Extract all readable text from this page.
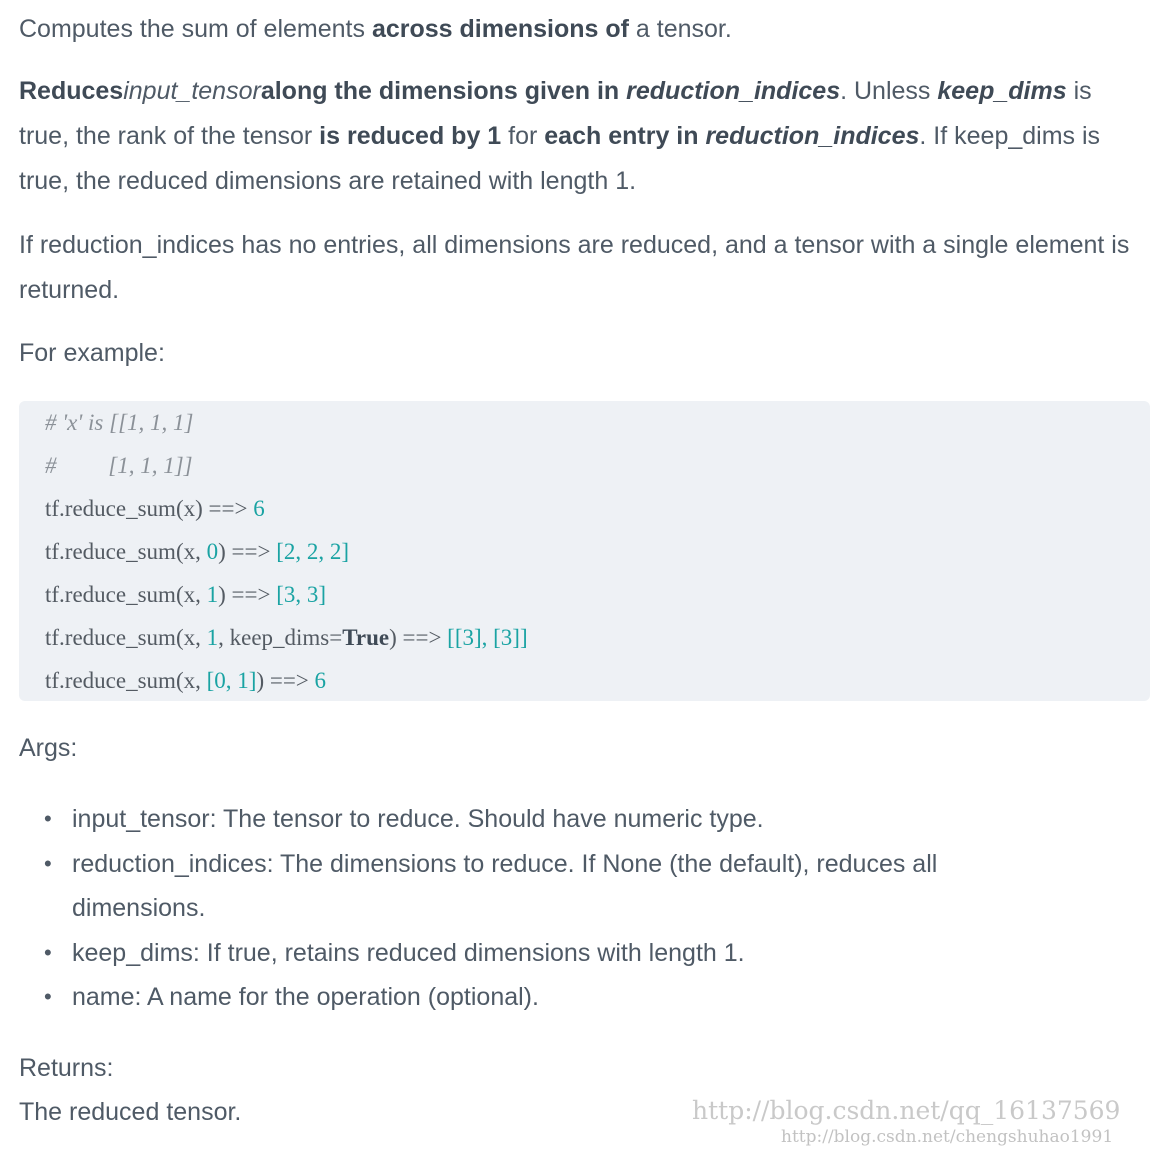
Computes the sum of elements across dimensions of a tensor.

Reducesinput_tensoralong the dimensions given in reduction_indices. Unless keep_dims is true, the rank of the tensor is reduced by 1 for each entry in reduction_indices. If keep_dims is true, the reduced dimensions are retained with length 1.

If reduction_indices has no entries, all dimensions are reduced, and a tensor with a single element is returned.

For example:

# 'x' is [[1, 1, 1]
#         [1, 1, 1]]
tf.reduce_sum(x) ==> 6
tf.reduce_sum(x, 0) ==> [2, 2, 2]
tf.reduce_sum(x, 1) ==> [3, 3]
tf.reduce_sum(x, 1, keep_dims=True) ==> [[3], [3]]
tf.reduce_sum(x, [0, 1]) ==> 6

Args:

• input_tensor: The tensor to reduce. Should have numeric type.
• reduction_indices: The dimensions to reduce. If None (the default), reduces all dimensions.
• keep_dims: If true, retains reduced dimensions with length 1.
• name: A name for the operation (optional).

Returns:

The reduced tensor.	http://blog.csdn.net/qq_16137569
http://blog.csdn.net/chengshuhao1991
